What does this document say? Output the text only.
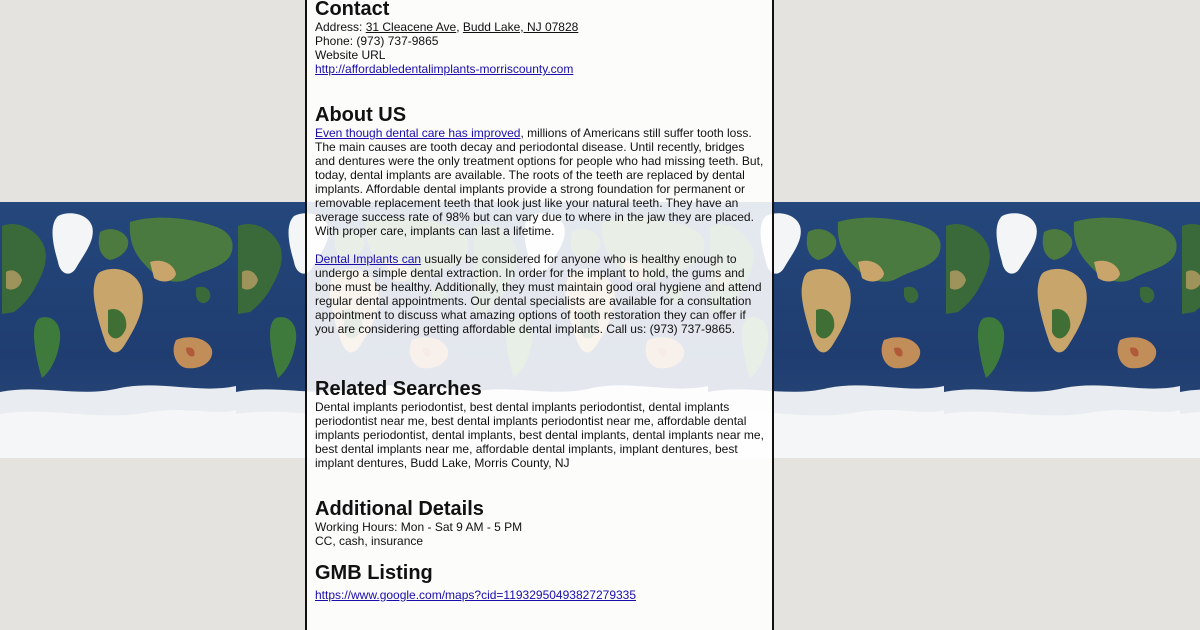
Contact

Address: 31 Cleacene Ave, Budd Lake, NJ 07828

Phone: (973) 737-9865

Website URL

http://affordabledentalimplants-morriscounty.com

About US

Even though dental care has improved, millions of Americans still suffer tooth loss. The main causes are tooth decay and periodontal disease. Until recently, bridges and dentures were the only treatment options for people who had missing teeth. But, today, dental implants are available. The roots of the teeth are replaced by dental implants. Affordable dental implants provide a strong foundation for permanent or removable replacement teeth that look just like your natural teeth. They have an average success rate of 98% but can vary due to where in the jaw they are placed. With proper care, implants can last a lifetime.

Dental Implants can usually be considered for anyone who is healthy enough to undergo a simple dental extraction. In order for the implant to hold, the gums and bone must be healthy. Additionally, they must maintain good oral hygiene and attend regular dental appointments. Our dental specialists are available for a consultation appointment to discuss what amazing options of tooth restoration they can offer if you are considering getting affordable dental implants. Call us: (973) 737-9865.

Related Searches

Dental implants periodontist, best dental implants periodontist, dental implants periodontist near me, best dental implants periodontist near me, affordable dental implants periodontist, dental implants, best dental implants, dental implants near me, best dental implants near me, affordable dental implants, implant dentures, best implant dentures, Budd Lake, Morris County, NJ

Additional Details

Working Hours: Mon - Sat 9 AM - 5 PM

CC, cash, insurance

GMB Listing

https://www.google.com/maps?cid=11932950493827279335
